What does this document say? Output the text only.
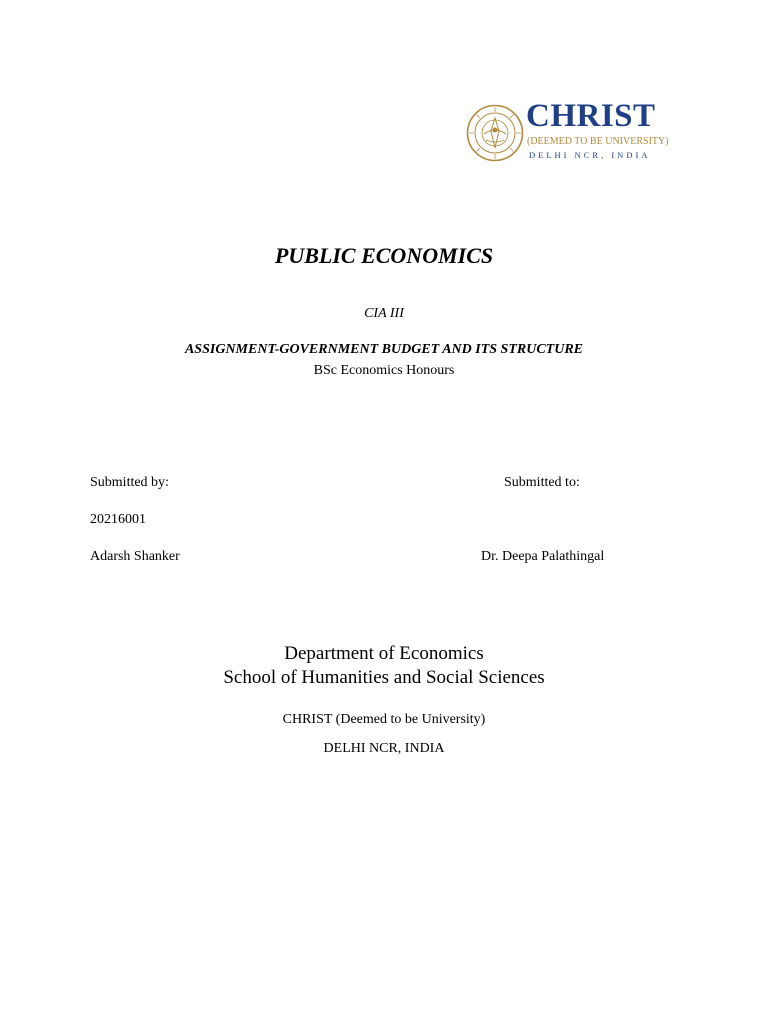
CHRIST
(DEEMED TO BE UNIVERSITY)
DELHI NCR, INDIA
PUBLIC ECONOMICS
CIA III
ASSIGNMENT-GOVERNMENT BUDGET AND ITS STRUCTURE
BSc Economics Honours
Submitted by:	Submitted to:
20216001
Adarsh Shanker	Dr. Deepa Palathingal
Department of Economics
School of Humanities and Social Sciences
CHRIST (Deemed to be University)
DELHI NCR, INDIA
